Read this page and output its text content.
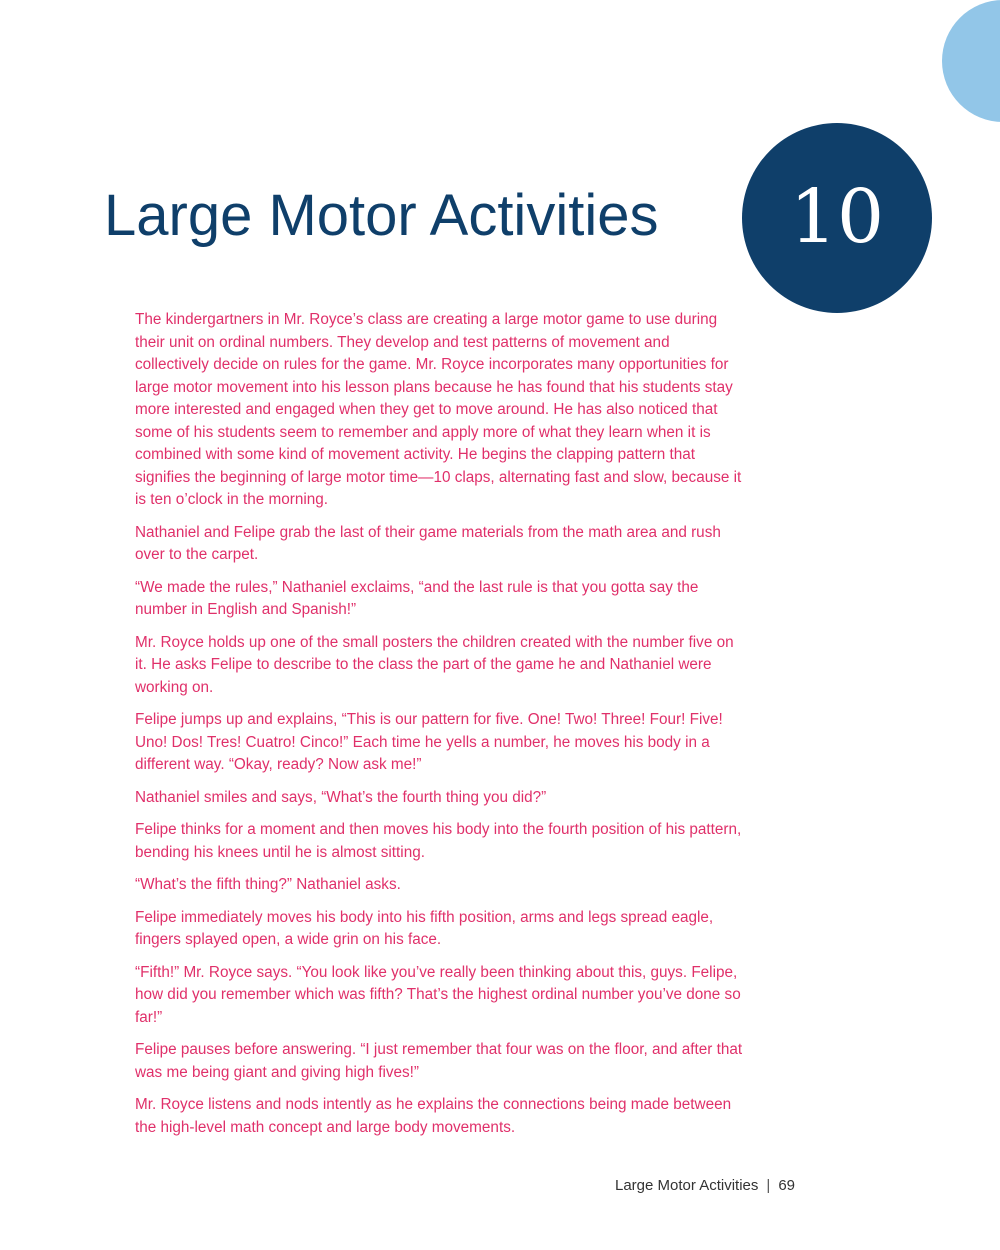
Large Motor Activities 10

The kindergartners in Mr. Royce’s class are creating a large motor game to use during their unit on ordinal numbers. They develop and test patterns of movement and collectively decide on rules for the game. Mr. Royce incorporates many opportunities for large motor movement into his lesson plans because he has found that his students stay more interested and engaged when they get to move around. He has also noticed that some of his students seem to remember and apply more of what they learn when it is combined with some kind of movement activity. He begins the clapping pattern that signifies the beginning of large motor time—10 claps, alternating fast and slow, because it is ten o’clock in the morning.

Nathaniel and Felipe grab the last of their game materials from the math area and rush over to the carpet.

“We made the rules,” Nathaniel exclaims, “and the last rule is that you gotta say the number in English and Spanish!”

Mr. Royce holds up one of the small posters the children created with the number five on it. He asks Felipe to describe to the class the part of the game he and Nathaniel were working on.

Felipe jumps up and explains, “This is our pattern for five. One! Two! Three! Four! Five! Uno! Dos! Tres! Cuatro! Cinco!” Each time he yells a number, he moves his body in a different way. “Okay, ready? Now ask me!”

Nathaniel smiles and says, “What’s the fourth thing you did?”

Felipe thinks for a moment and then moves his body into the fourth position of his pattern, bending his knees until he is almost sitting.

“What’s the fifth thing?” Nathaniel asks.

Felipe immediately moves his body into his fifth position, arms and legs spread eagle, fingers splayed open, a wide grin on his face.

“Fifth!” Mr. Royce says. “You look like you’ve really been thinking about this, guys. Felipe, how did you remember which was fifth? That’s the highest ordinal number you’ve done so far!”

Felipe pauses before answering. “I just remember that four was on the floor, and after that was me being giant and giving high fives!”

Mr. Royce listens and nods intently as he explains the connections being made between the high-level math concept and large body movements.

Large Motor Activities | 69
